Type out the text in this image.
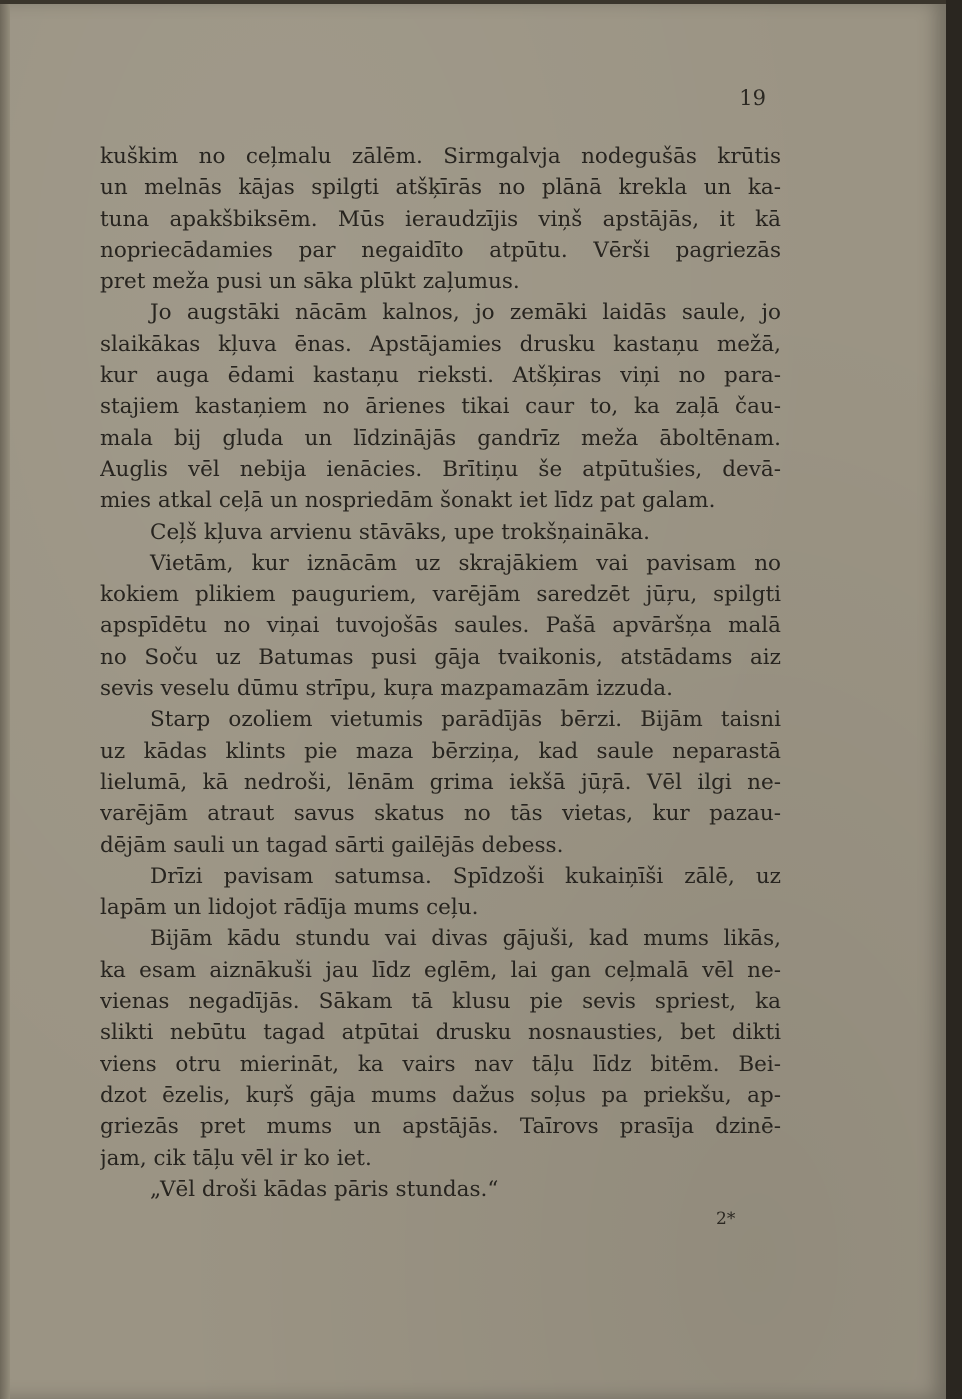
19
kuškim no ceļmalu zālēm. Sirmgalvja nodegušās krūtis
un melnās kājas spilgti atšķīrās no plānā krekla un ka-
tuna apakšbiksēm. Mūs ieraudzījis viņš apstājās, it kā
nopriecādamies par negaidīto atpūtu. Vērši pagriezās
pret meža pusi un sāka plūkt zaļumus.
Jo augstāki nācām kalnos, jo zemāki laidās saule, jo
slaikākas kļuva ēnas. Apstājamies drusku kastaņu mežā,
kur auga ēdami kastaņu rieksti. Atšķiras viņi no para-
stajiem kastaņiem no ārienes tikai caur to, ka zaļā čau-
mala bij gluda un līdzinājās gandrīz meža āboltēnam.
Auglis vēl nebija ienācies. Brītiņu še atpūtušies, devā-
mies atkal ceļā un nospriedām šonakt iet līdz pat galam.
Ceļš kļuva arvienu stāvāks, upe trokšņaināka.
Vietām, kur iznācām uz skrajākiem vai pavisam no
kokiem plikiem pauguriem, varējām saredzēt jūŗu, spilgti
apspīdētu no viņai tuvojošās saules. Pašā apvāršņa malā
no Soču uz Batumas pusi gāja tvaikonis, atstādams aiz
sevis veselu dūmu strīpu, kuŗa mazpamazām izzuda.
Starp ozoliem vietumis parādījās bērzi. Bijām taisni
uz kādas klints pie maza bērziņa, kad saule neparastā
lielumā, kā nedroši, lēnām grima iekšā jūŗā. Vēl ilgi ne-
varējām atraut savus skatus no tās vietas, kur pazau-
dējām sauli un tagad sārti gailējās debess.
Drīzi pavisam satumsa. Spīdzoši kukaiņīši zālē, uz
lapām un lidojot rādīja mums ceļu.
Bijām kādu stundu vai divas gājuši, kad mums likās,
ka esam aiznākuši jau līdz eglēm, lai gan ceļmalā vēl ne-
vienas negadījās. Sākam tā klusu pie sevis spriest, ka
slikti nebūtu tagad atpūtai drusku nosnausties, bet dikti
viens otru mierināt, ka vairs nav tāļu līdz bitēm. Bei-
dzot ēzelis, kuŗš gāja mums dažus soļus pa priekšu, ap-
griezās pret mums un apstājās. Taīrovs prasīja dzinē-
jam, cik tāļu vēl ir ko iet.
„Vēl droši kādas pāris stundas.“
2*
